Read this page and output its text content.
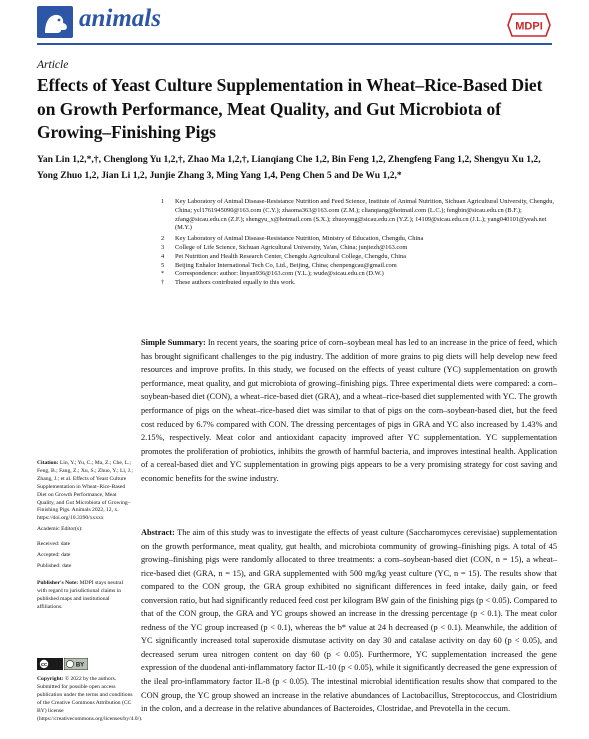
animals	MDPI
Article
Effects of Yeast Culture Supplementation in Wheat–Rice-Based Diet on Growth Performance, Meat Quality, and Gut Microbiota of Growing–Finishing Pigs
Yan Lin 1,2,*,†, Chenglong Yu 1,2,†, Zhao Ma 1,2,†, Lianqiang Che 1,2, Bin Feng 1,2, Zhengfeng Fang 1,2, Shengyu Xu 1,2, Yong Zhuo 1,2, Jian Li 1,2, Junjie Zhang 3, Ming Yang 1,4, Peng Chen 5 and De Wu 1,2,*
1	Key Laboratory of Animal Disease-Resistance Nutrition and Feed Science, Institute of Animal Nutrition, Sichuan Agricultural University, Chengdu, China; ycl1761945090@163.com (C.Y.); zhaoma363@163.com (Z.M.); clianqiang@hotmail.com (L.C.); fengbin@sicau.edu.cn (B.F.); zfang@sicau.edu.cn (Z.F.); shengyu_x@hotmail.com (S.X.); zhuoyong@sicau.edu.cn (Y.Z.); 14109@sicau.edu.cn (J.L.); yang040101@yeah.net (M.Y.)
2	Key Laboratory of Animal Disease-Resistance Nutrition, Ministry of Education, Chengdu, China
3	College of Life Science, Sichuan Agricultural University, Ya'an, China; junjiezh@163.com
4	Pet Nutrition and Health Research Center, Chengdu Agricultural College, Chengdu, China
5	Beijing Enhalor International Tech Co, Ltd., Beijing, China; chenpengcau@gmail.com
*	Correspondence: author: linyan936@163.com (Y.L.); wude@sicau.edu.cn (D.W.)
†	These authors contributed equally to this work.
Simple Summary: In recent years, the soaring price of corn–soybean meal has led to an increase in the price of feed, which has brought significant challenges to the pig industry. The addition of more grains to pig diets will help develop new feed resources and improve profits. In this study, we focused on the effects of yeast culture (YC) supplementation on growth performance, meat quality, and gut microbiota of growing–finishing pigs. Three experimental diets were compared: a corn–soybean-based diet (CON), a wheat–rice-based diet (GRA), and a wheat–rice-based diet supplemented with YC. The growth performance of pigs on the wheat–rice-based diet was similar to that of pigs on the corn–soybean-based diet, but the feed cost reduced by 6.7% compared with CON. The dressing percentages of pigs in GRA and YC also increased by 1.43% and 2.15%, respectively. Meat color and antioxidant capacity improved after YC supplementation. YC supplementation promotes the proliferation of probiotics, inhibits the growth of harmful bacteria, and improves intestinal health. Application of a cereal-based diet and YC supplementation in growing pigs appears to be a very promising strategy for cost saving and economic benefits for the swine industry.
Abstract: The aim of this study was to investigate the effects of yeast culture (Saccharomyces cerevisiae) supplementation on the growth performance, meat quality, gut health, and microbiota community of growing–finishing pigs. A total of 45 growing–finishing pigs were randomly allocated to three treatments: a corn–soybean-based diet (CON, n = 15), a wheat–rice-based diet (GRA, n = 15), and GRA supplemented with 500 mg/kg yeast culture (YC, n = 15). The results show that compared to the CON group, the GRA group exhibited no significant differences in feed intake, daily gain, or feed conversion ratio, but had significantly reduced feed cost per kilogram BW gain of the finishing pigs (p < 0.05). Compared to that of the CON group, the GRA and YC groups showed an increase in the dressing percentage (p < 0.1). The meat color redness of the YC group increased (p < 0.1), whereas the b* value at 24 h decreased (p < 0.1). Meanwhile, the addition of YC significantly increased total superoxide dismutase activity on day 30 and catalase activity on day 60 (p < 0.05), and decreased serum urea nitrogen content on day 60 (p < 0.05). Furthermore, YC supplementation increased the gene expression of the duodenal anti-inflammatory factor IL-10 (p < 0.05), while it significantly decreased the gene expression of the ileal pro-inflammatory factor IL-8 (p < 0.05). The intestinal microbial identification results show that compared to the CON group, the YC group showed an increase in the relative abundances of Lactobacillus, Streptococcus, and Clostridium in the colon, and a decrease in the relative abundances of Bacteroides, Clostridae, and Prevotella in the cecum.
Citation: Lin, Y.; Yu, C.; Ma, Z.; Che, L.; Feng, B.; Fang, Z.; Xu, S.; Zhuo, Y.; Li, J.; Zhang, J.; et al. Effects of Yeast Culture Supplementation in Wheat–Rice-Based Diet on Growth Performance, Meat Quality, and Gut Microbiota of Growing–Finishing Pigs. Animals 2022, 12, x. https://doi.org/10.3390/xxxxx
Academic Editor(s):
Received: date
Accepted: date
Published: date
Publisher's Note: MDPI stays neutral with regard to jurisdictional claims in published maps and institutional affiliations.
cc	BY
Copyright: © 2022 by the authors. Submitted for possible open access publication under the terms and conditions of the Creative Commons Attribution (CC BY) license (https://creativecommons.org/licenses/by/4.0/).
